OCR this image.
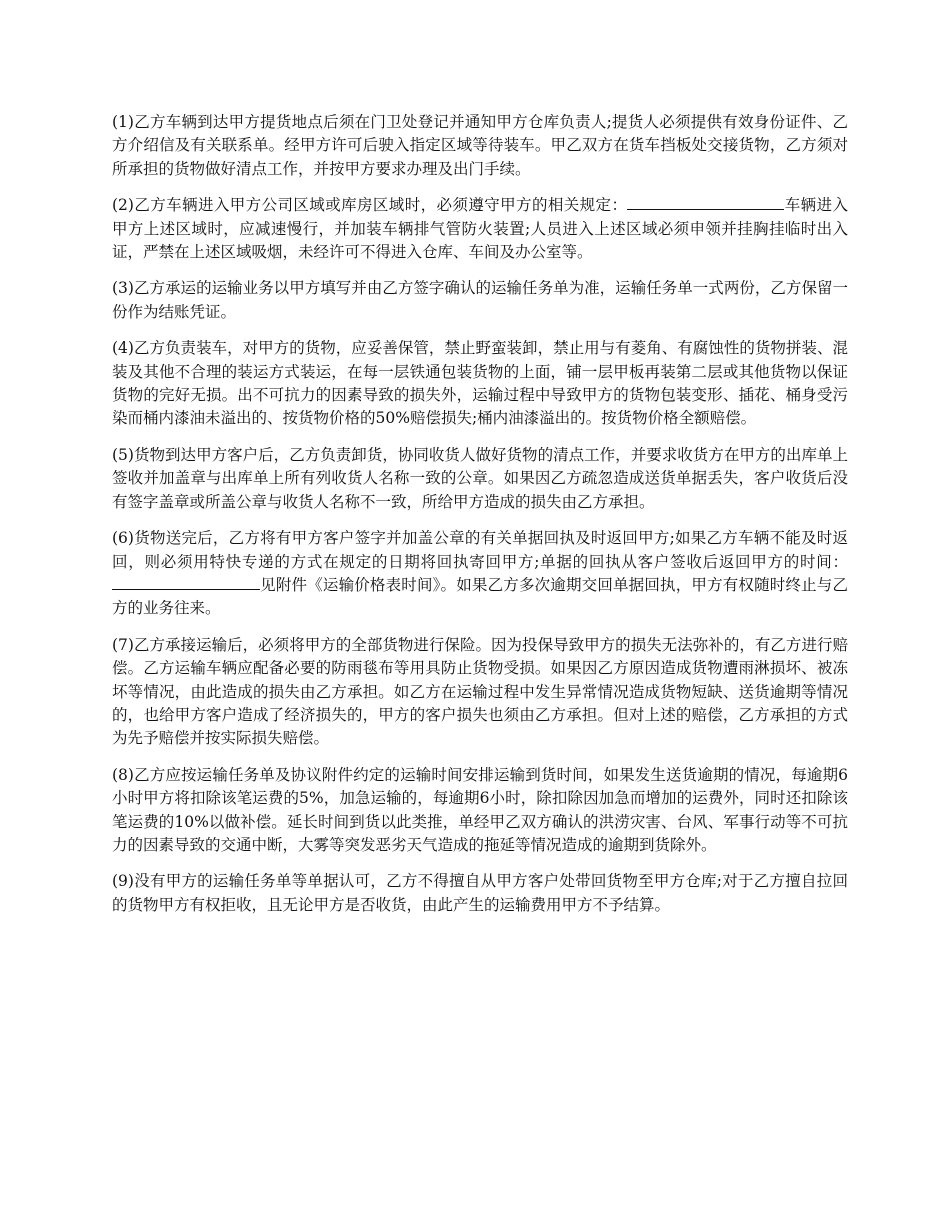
(1)乙方车辆到达甲方提货地点后须在门卫处登记并通知甲方仓库负责人;提货人必须提供有效身份证件、乙方介绍信及有关联系单。经甲方许可后驶入指定区域等待装车。甲乙双方在货车挡板处交接货物，乙方须对所承担的货物做好清点工作，并按甲方要求办理及出门手续。

(2)乙方车辆进入甲方公司区域或库房区域时，必须遵守甲方的相关规定：	车辆进入甲方上述区域时，应减速慢行，并加装车辆排气管防火装置;人员进入上述区域必须申领并挂胸挂临时出入证，严禁在上述区域吸烟，未经许可不得进入仓库、车间及办公室等。

(3)乙方承运的运输业务以甲方填写并由乙方签字确认的运输任务单为准，运输任务单一式两份，乙方保留一份作为结账凭证。

(4)乙方负责装车，对甲方的货物，应妥善保管，禁止野蛮装卸，禁止用与有菱角、有腐蚀性的货物拼装、混装及其他不合理的装运方式装运，在每一层铁通包装货物的上面，铺一层甲板再装第二层或其他货物以保证货物的完好无损。出不可抗力的因素导致的损失外，运输过程中导致甲方的货物包装变形、插花、桶身受污染而桶内漆油未溢出的、按货物价格的50%赔偿损失;桶内油漆溢出的。按货物价格全额赔偿。

(5)货物到达甲方客户后，乙方负责卸货，协同收货人做好货物的清点工作，并要求收货方在甲方的出库单上签收并加盖章与出库单上所有列收货人名称一致的公章。如果因乙方疏忽造成送货单据丢失，客户收货后没有签字盖章或所盖公章与收货人名称不一致，所给甲方造成的损失由乙方承担。

(6)货物送完后，乙方将有甲方客户签字并加盖公章的有关单据回执及时返回甲方;如果乙方车辆不能及时返回，则必须用特快专递的方式在规定的日期将回执寄回甲方;单据的回执从客户签收后返回甲方的时间：见附件《运输价格表时间》。如果乙方多次逾期交回单据回执，甲方有权随时终止与乙方的业务往来。

(7)乙方承接运输后，必须将甲方的全部货物进行保险。因为投保导致甲方的损失无法弥补的，有乙方进行赔偿。乙方运输车辆应配备必要的防雨毯布等用具防止货物受损。如果因乙方原因造成货物遭雨淋损坏、被冻坏等情况，由此造成的损失由乙方承担。如乙方在运输过程中发生异常情况造成货物短缺、送货逾期等情况的，也给甲方客户造成了经济损失的，甲方的客户损失也须由乙方承担。但对上述的赔偿，乙方承担的方式为先予赔偿并按实际损失赔偿。

(8)乙方应按运输任务单及协议附件约定的运输时间安排运输到货时间，如果发生送货逾期的情况，每逾期6小时甲方将扣除该笔运费的5%，加急运输的，每逾期6小时，除扣除因加急而增加的运费外，同时还扣除该笔运费的10%以做补偿。延长时间到货以此类推，单经甲乙双方确认的洪涝灾害、台风、军事行动等不可抗力的因素导致的交通中断，大雾等突发恶劣天气造成的拖延等情况造成的逾期到货除外。

(9)没有甲方的运输任务单等单据认可，乙方不得擅自从甲方客户处带回货物至甲方仓库;对于乙方擅自拉回的货物甲方有权拒收，且无论甲方是否收货，由此产生的运输费用甲方不予结算。
